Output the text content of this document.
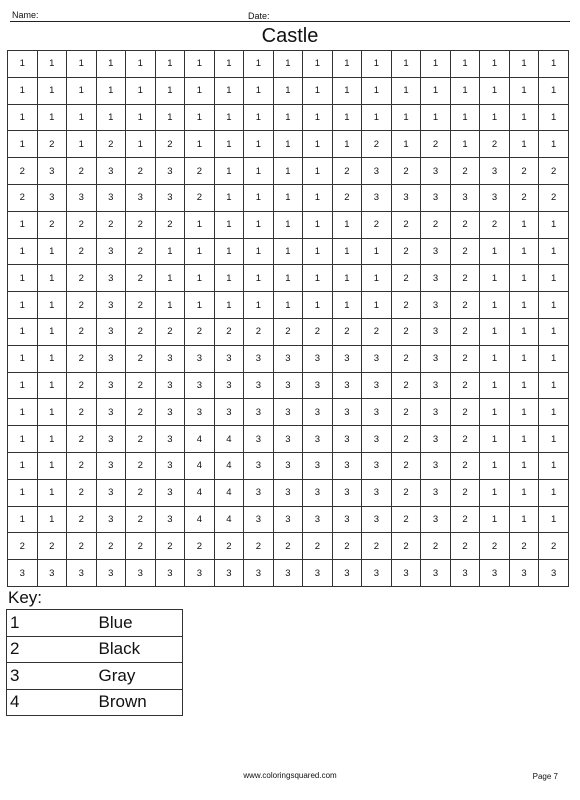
Name:	Date:
Castle
1	1	1	1	1	1	1	1	1	1	1	1	1	1	1	1	1	1	1
1	1	1	1	1	1	1	1	1	1	1	1	1	1	1	1	1	1	1
1	1	1	1	1	1	1	1	1	1	1	1	1	1	1	1	1	1	1
1	2	1	2	1	2	1	1	1	1	1	1	2	1	2	1	2	1	1
2	3	2	3	2	3	2	1	1	1	1	2	3	2	3	2	3	2	2
2	3	3	3	3	3	2	1	1	1	1	2	3	3	3	3	3	2	2
1	2	2	2	2	2	1	1	1	1	1	1	2	2	2	2	2	1	1
1	1	2	3	2	1	1	1	1	1	1	1	1	2	3	2	1	1	1
1	1	2	3	2	1	1	1	1	1	1	1	1	2	3	2	1	1	1
1	1	2	3	2	1	1	1	1	1	1	1	1	2	3	2	1	1	1
1	1	2	3	2	2	2	2	2	2	2	2	2	2	3	2	1	1	1
1	1	2	3	2	3	3	3	3	3	3	3	3	2	3	2	1	1	1
1	1	2	3	2	3	3	3	3	3	3	3	3	2	3	2	1	1	1
1	1	2	3	2	3	3	3	3	3	3	3	3	2	3	2	1	1	1
1	1	2	3	2	3	4	4	3	3	3	3	3	2	3	2	1	1	1
1	1	2	3	2	3	4	4	3	3	3	3	3	2	3	2	1	1	1
1	1	2	3	2	3	4	4	3	3	3	3	3	2	3	2	1	1	1
1	1	2	3	2	3	4	4	3	3	3	3	3	2	3	2	1	1	1
2	2	2	2	2	2	2	2	2	2	2	2	2	2	2	2	2	2	2
3	3	3	3	3	3	3	3	3	3	3	3	3	3	3	3	3	3	3
Key:
1	Blue
2	Black
3	Gray
4	Brown
www.coloringsquared.com	Page 7
